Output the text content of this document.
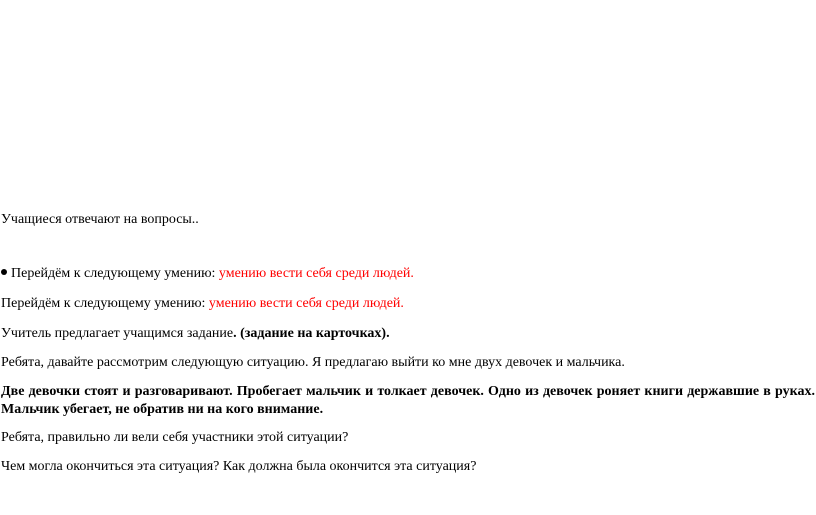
Учащиеся отвечают на вопросы..

Перейдём к следующему умению: умению вести себя среди людей.

Перейдём к следующему умению: умению вести себя среди людей.

Учитель предлагает учащимся задание. (задание на карточках).

Ребята, давайте рассмотрим следующую ситуацию. Я предлагаю выйти ко мне двух девочек и мальчика.

Две девочки стоят и разговаривают. Пробегает мальчик и толкает девочек. Одно из девочек роняет книги державшие в руках. Мальчик убегает, не обратив ни на кого внимание.

Ребята, правильно ли вели себя участники этой ситуации?

Чем могла окончиться эта ситуация? Как должна была окончится эта ситуация?
